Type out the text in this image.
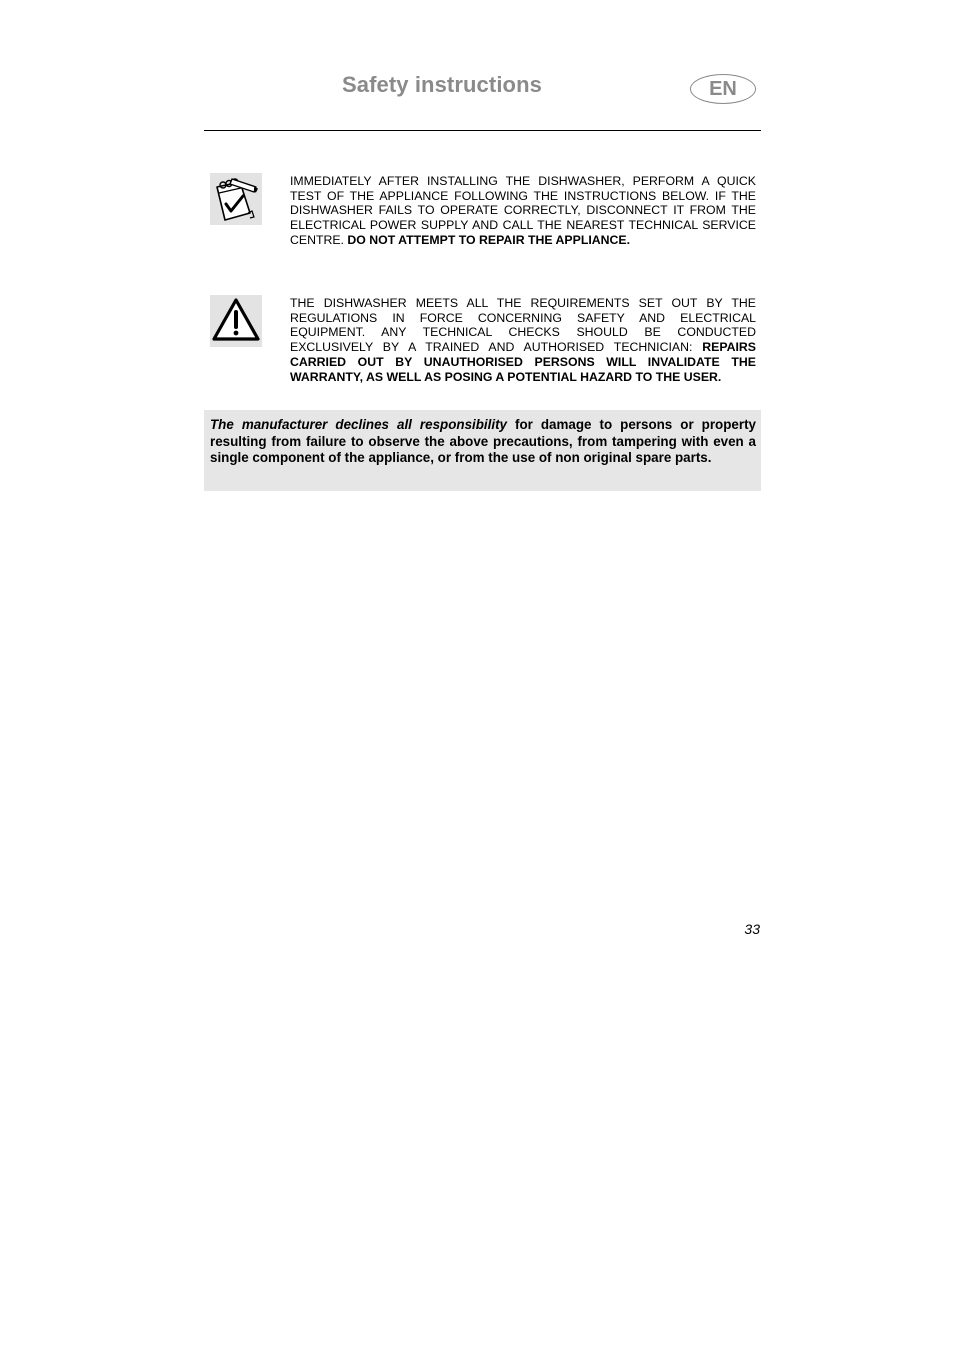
Safety instructions	EN
IMMEDIATELY AFTER INSTALLING THE DISHWASHER, PERFORM A QUICK TEST OF THE APPLIANCE FOLLOWING THE INSTRUCTIONS BELOW. IF THE DISHWASHER FAILS TO OPERATE CORRECTLY, DISCONNECT IT FROM THE ELECTRICAL POWER SUPPLY AND CALL THE NEAREST TECHNICAL SERVICE CENTRE. DO NOT ATTEMPT TO REPAIR THE APPLIANCE.
THE DISHWASHER MEETS ALL THE REQUIREMENTS SET OUT BY THE REGULATIONS IN FORCE CONCERNING SAFETY AND ELECTRICAL EQUIPMENT. ANY TECHNICAL CHECKS SHOULD BE CONDUCTED EXCLUSIVELY BY A TRAINED AND AUTHORISED TECHNICIAN: REPAIRS CARRIED OUT BY UNAUTHORISED PERSONS WILL INVALIDATE THE WARRANTY, AS WELL AS POSING A POTENTIAL HAZARD TO THE USER.
The manufacturer declines all responsibility for damage to persons or property resulting from failure to observe the above precautions, from tampering with even a single component of the appliance, or from the use of non original spare parts.
33
